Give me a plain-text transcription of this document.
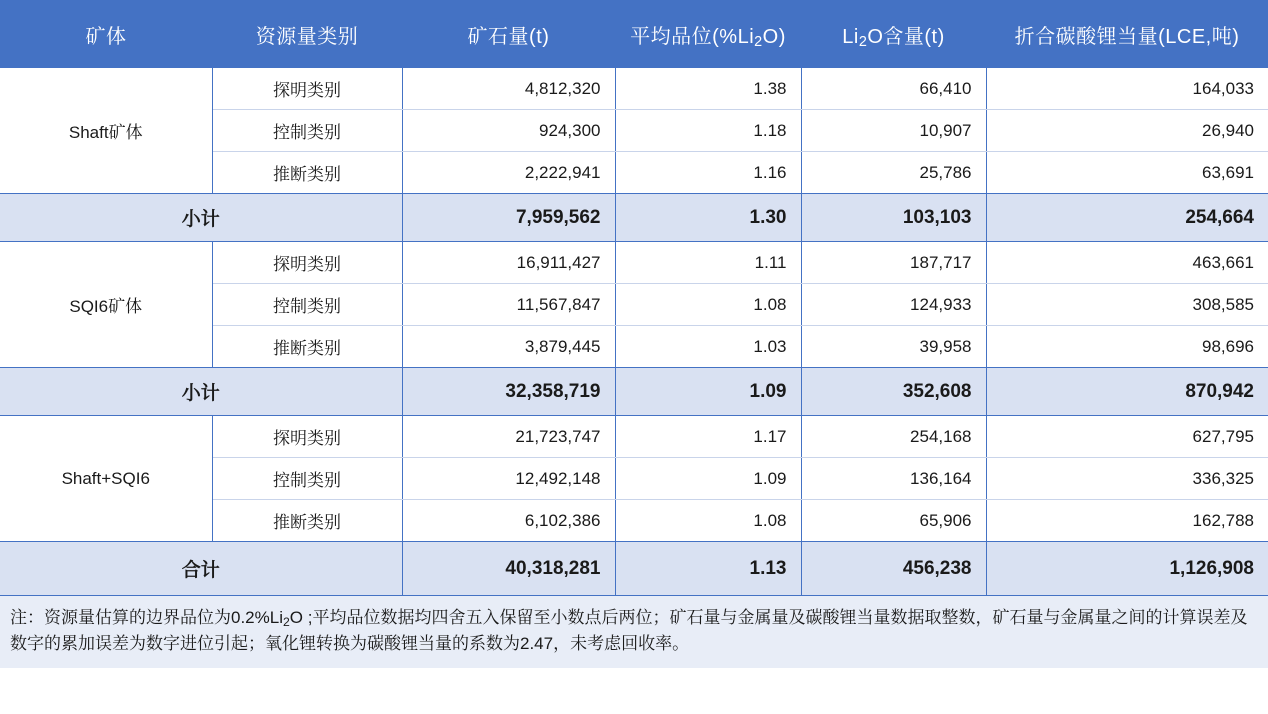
矿体	资源量类别	矿石量(t)	平均品位$(\%Li_2O)$	$Li_2O$含量(t)	折合碳酸锂当量(LCE,吨)
Shaft矿体	探明类别	4,812,320	1.38	66,410	164,033
	控制类别	924,300	1.18	10,907	26,940
	推断类别	2,222,941	1.16	25,786	63,691
小计		7,959,562	1.30	103,103	254,664
SQI6矿体	探明类别	16,911,427	1.11	187,717	463,661
	控制类别	11,567,847	1.08	124,933	308,585
	推断类别	3,879,445	1.03	39,958	98,696
小计		32,358,719	1.09	352,608	870,942
Shaft+SQI6	探明类别	21,723,747	1.17	254,168	627,795
	控制类别	12,492,148	1.09	136,164	336,325
	推断类别	6,102,386	1.08	65,906	162,788
合计		40,318,281	1.13	456,238	1,126,908
注：资源量估算的边界品位为$0.2\%Li_2O$ ;平均品位数据均四舍五入保留至小数点后两位；矿石量与金属量及碳酸锂当量数据取整数，矿石量与金属量之间的计算误差及数字的累加误差为数字进位引起；氧化锂转换为碳酸锂当量的系数为2.47，未考虑回收率。
